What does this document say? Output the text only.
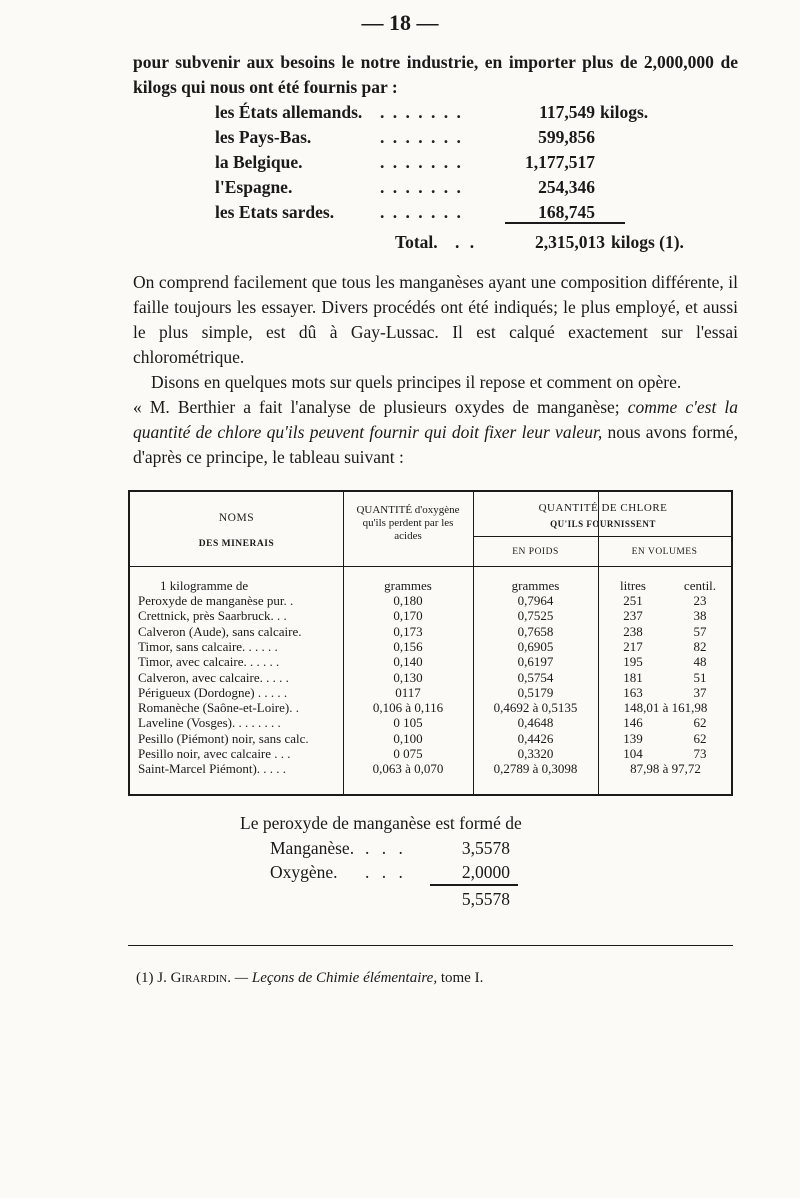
— 18 —
pour subvenir aux besoins le notre industrie, en importer plus de 2,000,000 de kilogs qui nous ont été fournis par :
les États allemands. . . . . . . .	117,549 kilogs.
les Pays-Bas.	. . . . . . .	599,856
la Belgique.	. . . . . . .	1,177,517
l'Espagne.	. . . . . . .	254,346
les Etats sardes.	. . . . . . .	168,745
Total. . .	2,315,013 kilogs (1).
On comprend facilement que tous les manganèses ayant une composition différente, il faille toujours les essayer. Divers procédés ont été indiqués; le plus employé, et aussi le plus simple, est dû à Gay-Lussac. Il est calqué exactement sur l'essai chlorométrique.
Disons en quelques mots sur quels principes il repose et comment on opère.
« M. Berthier a fait l'analyse de plusieurs oxydes de manganèse; comme c'est la quantité de chlore qu'ils peuvent fournir qui doit fixer leur valeur, nous avons formé, d'après ce principe, le tableau suivant :
NOMS
DES MINERAIS
QUANTITÉ d'oxygène qu'ils perdent par les acides
QUANTITÉ DE CHLORE
QU'ILS FOURNISSENT
EN POIDS	EN VOLUMES
1 kilogramme de	grammes	grammes	litres	centil.
Peroxyde de manganèse pur. .	0,180	0,7964	251	23
Crettnick, près Saarbruck. . .	0,170	0,7525	237	38
Calveron (Aude), sans calcaire.	0,173	0,7658	238	57
Timor, sans calcaire. . . . . .	0,156	0,6905	217	82
Timor, avec calcaire. . . . . .	0,140	0,6197	195	48
Calveron, avec calcaire. . . . .	0,130	0,5754	181	51
Périgueux (Dordogne) . . . . .	0117	0,5179	163	37
Romanèche (Saône-et-Loire). .	0,106 à 0,116	0,4692 à 0,5135	148,01 à 161,98
Laveline (Vosges). . . . . . . .	0 105	0,4648	146	62
Pesillo (Piémont) noir, sans calc.	0,100	0,4426	139	62
Pesillo noir, avec calcaire . . .	0 075	0,3320	104	73
Saint-Marcel Piémont). . . . .	0,063 à 0,070	0,2789 à 0,3098	87,98 à 97,72
Le peroxyde de manganèse est formé de
Manganèse. . . .	3,5578
Oxygène. . . .	2,0000
5,5578
(1) J. Girardin. — Leçons de Chimie élémentaire, tome I.
